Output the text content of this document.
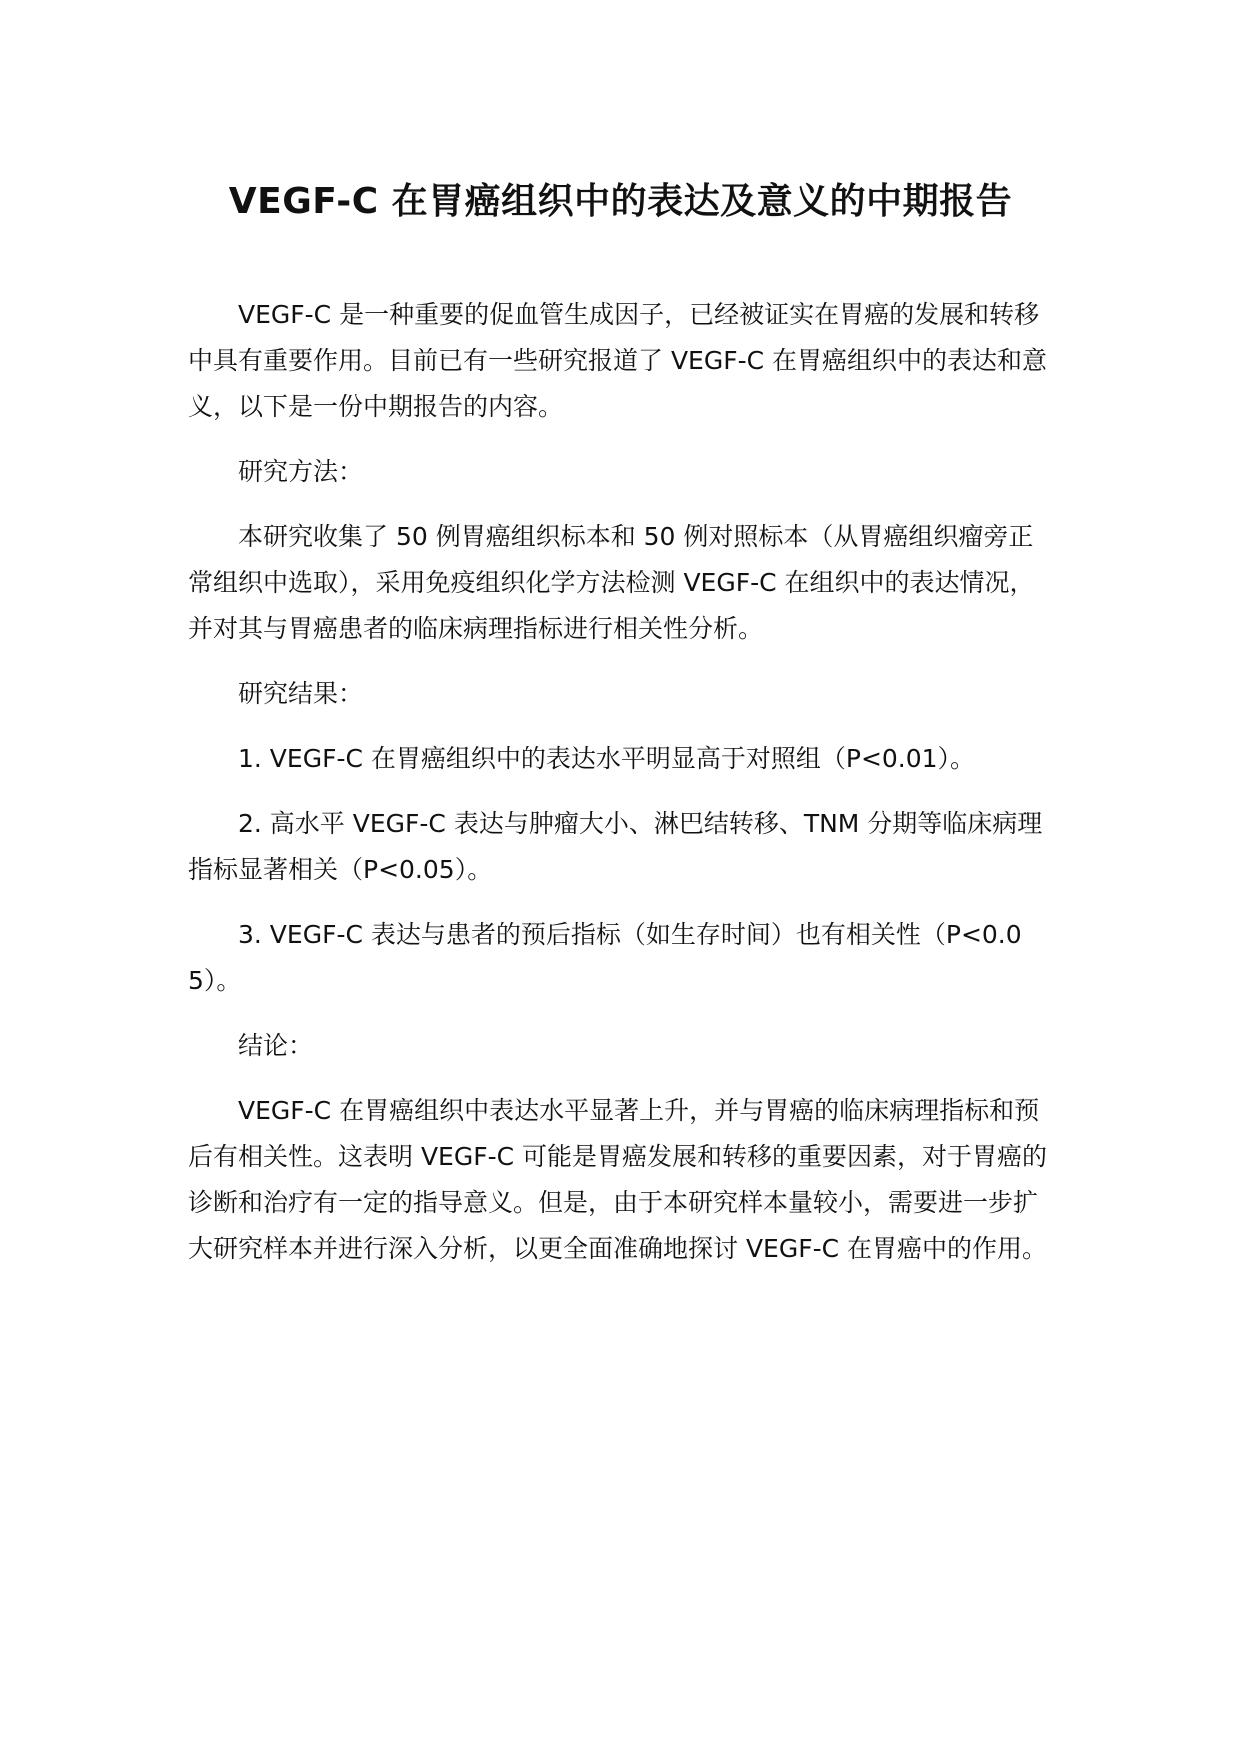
VEGF-C 在胃癌组织中的表达及意义的中期报告

VEGF-C 是一种重要的促血管生成因子，已经被证实在胃癌的发展和转移中具有重要作用。目前已有一些研究报道了 VEGF-C 在胃癌组织中的表达和意义，以下是一份中期报告的内容。

研究方法：

本研究收集了 50 例胃癌组织标本和 50 例对照标本（从胃癌组织瘤旁正常组织中选取），采用免疫组织化学方法检测 VEGF-C 在组织中的表达情况，并对其与胃癌患者的临床病理指标进行相关性分析。

研究结果：

1. VEGF-C 在胃癌组织中的表达水平明显高于对照组（P<0.01）。

2. 高水平 VEGF-C 表达与肿瘤大小、淋巴结转移、TNM 分期等临床病理指标显著相关（P<0.05）。

3. VEGF-C 表达与患者的预后指标（如生存时间）也有相关性（P<0.05）。

结论：

VEGF-C 在胃癌组织中表达水平显著上升，并与胃癌的临床病理指标和预后有相关性。这表明 VEGF-C 可能是胃癌发展和转移的重要因素，对于胃癌的诊断和治疗有一定的指导意义。但是，由于本研究样本量较小，需要进一步扩大研究样本并进行深入分析，以更全面准确地探讨 VEGF-C 在胃癌中的作用。
